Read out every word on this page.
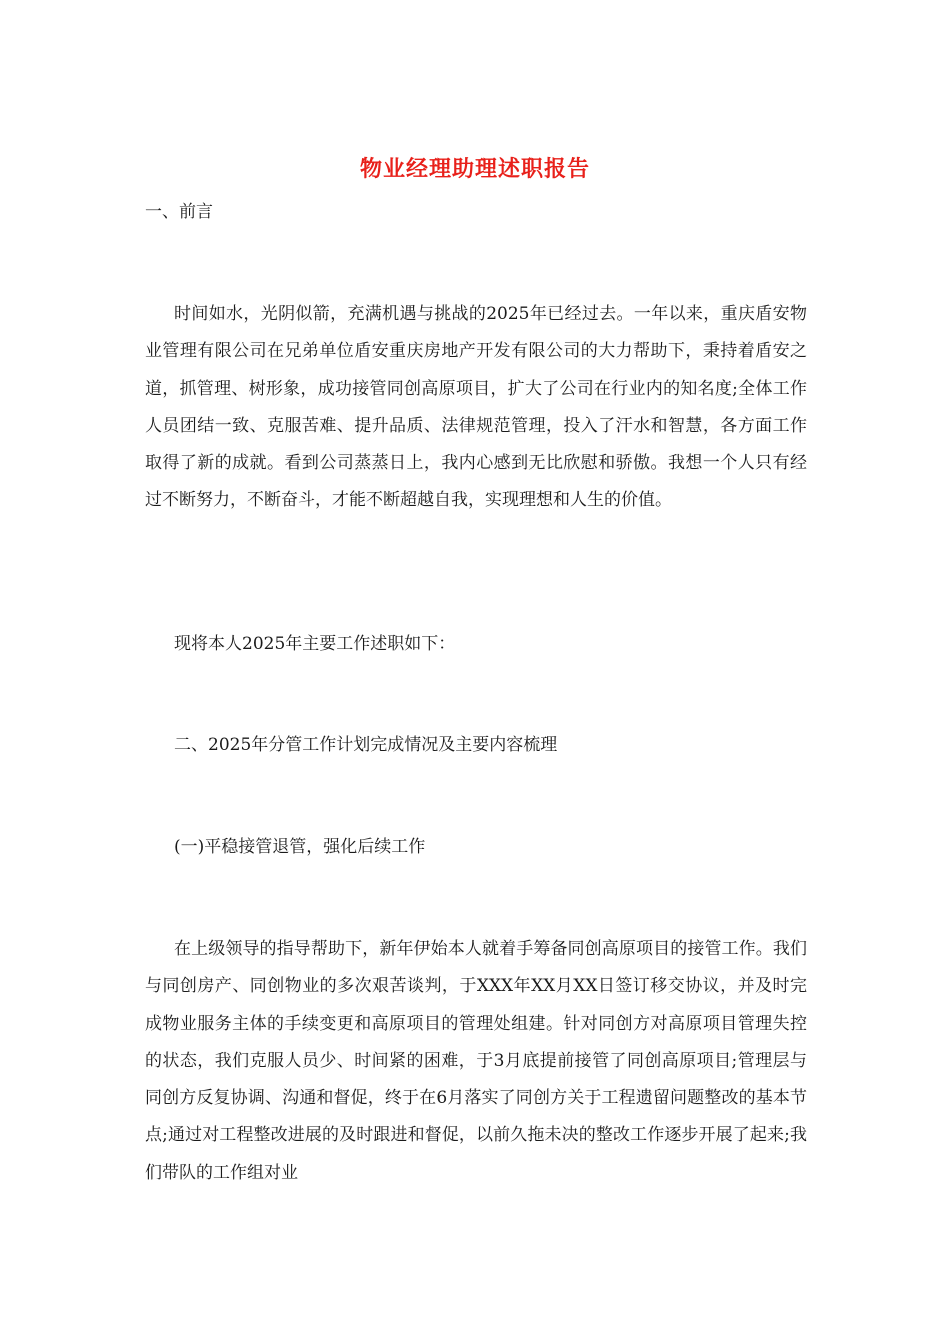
物业经理助理述职报告
一、前言

时间如水，光阴似箭，充满机遇与挑战的2025年已经过去。一年以来，重庆盾安物业管理有限公司在兄弟单位盾安重庆房地产开发有限公司的大力帮助下，秉持着盾安之道，抓管理、树形象，成功接管同创高原项目，扩大了公司在行业内的知名度;全体工作人员团结一致、克服苦难、提升品质、法律规范管理，投入了汗水和智慧，各方面工作取得了新的成就。看到公司蒸蒸日上，我内心感到无比欣慰和骄傲。我想一个人只有经过不断努力，不断奋斗，才能不断超越自我，实现理想和人生的价值。

现将本人2025年主要工作述职如下：

二、2025年分管工作计划完成情况及主要内容梳理

(一)平稳接管退管，强化后续工作

在上级领导的指导帮助下，新年伊始本人就着手筹备同创高原项目的接管工作。我们与同创房产、同创物业的多次艰苦谈判，于XXX年XX月XX日签订移交协议，并及时完成物业服务主体的手续变更和高原项目的管理处组建。针对同创方对高原项目管理失控的状态，我们克服人员少、时间紧的困难，于3月底提前接管了同创高原项目;管理层与同创方反复协调、沟通和督促，终于在6月落实了同创方关于工程遗留问题整改的基本节点;通过对工程整改进展的及时跟进和督促，以前久拖未决的整改工作逐步开展了起来;我们带队的工作组对业
